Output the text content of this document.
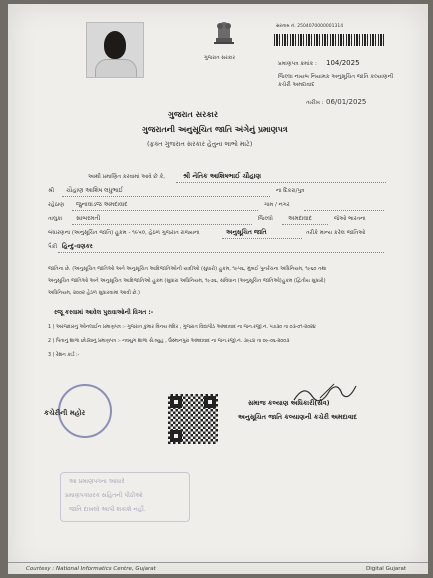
ગુજરાત સરકાર
સરનામ નં. 2504070000001314
પ્રમાણપત્ર ક્રમાંક : 104/2025
જિલ્લા નાયબ નિયામક અનુસૂચિત જાતિ કલ્યાણની
કચેરી અમદાવાદ
તારીખ : 06/01/2025
ગુજરાત સરકાર
ગુજરાતની અનુસૂચિત જાતિ અંગેનું પ્રમાણપત્ર
(ફક્ત ગુજરાત સરકાર હેતુના લાભો માટે)
આથી પ્રમાણિત કરવામાં આવે છે કે,	શ્રી નૈતિક આશિષભાઈ ચૌહાણ
શ્રી ચૌહાણ આશિષ લધુભાઈ	ના દિકરા/પુત્ર
રહેઠાણ જુનાવાડજ અમદાવાદ	ગામ / નગર
તાલુકા સાબરમતી	જિલ્લો	અમદાવાદ	જેઓ ભારતના
બંધારણના (અનુસૂચિત જાતિ) હુકમ - ૧૯૫૦, હેઠળ ગુજરાત રાજ્યના	અનુસૂચિત જાતિ	તરીકે માન્ય કરેલ જાતિઓ
પૈકી હિન્દુ-વણકર
જાતિના છે. (અનુસૂચિત જાતિઓ અને અનુસૂચિત આદિજાતિઓની યાદીઓ (સુધારો) હુકમ, ૧૯૫૬, મુંબઈ પુનર્રચના અધિનિયમ, ૧૯૬૦ તથા
અનુસૂચિત જાતિઓ અને અનુસૂચિત આદિજાતિઓ હુકમ (સુધારા અધિનિયમ, ૧૯૭૬, સંવિધાન (અનુસૂચિત જાતિઓ)હુકમ (દ્વિતીય સુધારો)
અધિનિયમ, ૨૦૦૨ હેઠળ સુધારવામાં આવી છે.)
રજૂ કરવામાં આવેલ પુરાવાઓની વિગત :-
1 ) અરજદારનું ઓનલાઈન પ્રમાણપત્ર :- ગુજરાત કુમાર વિનય મંદિર , ગુજરાત વિદ્યાપીઠ અમદાવાદ ના જન.રજી.નં. ૫૭૩૦ તા ૦૩-૦૧-૨૦૨૪
2 ) પિતાનું શાળા છોડ્યાનું પ્રમાણપત્ર :- નવયુગ શાળા સે.વ્યુહ , ઉસ્માનપુરા અમદાવાદ ના જન.રજી.નં. ૩૯૮૪ તા ૦૯-૦૬-૨૦૦૩
3 ) રેશન કાર્ડ :-
કચેરીની મહોર
સમાજ કલ્યાણ અધિકારી(સેવ)
અનુસૂચિત જાતિ કલ્યાણની કચેરી અમદાવાદ
આ પ્રમાણપત્રના આધારે
પ્રમાણપત્રધારક સહિતની પીઠીઓ
જાતિ દાખલો આપી શકાશે નહીં.
Courtesy : National Informatics Centre, Gujarat	Digital Gujarat
